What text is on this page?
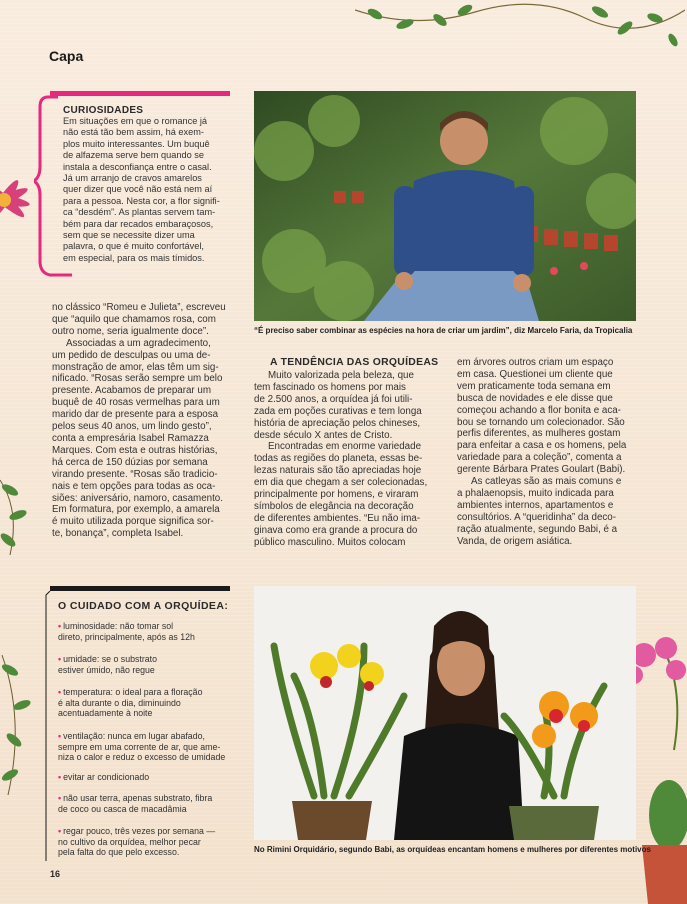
Capa
CURIOSIDADES
Em situações em que o romance já
não está tão bem assim, há exem-
plos muito interessantes. Um buquê
de alfazema serve bem quando se
instala a desconfiança entre o casal.
Já um arranjo de cravos amarelos
quer dizer que você não está nem aí
para a pessoa. Nesta cor, a flor signifi-
ca “desdém”. As plantas servem tam-
bém para dar recados embaraçosos,
sem que se necessite dizer uma
palavra, o que é muito confortável,
em especial, para os mais tímidos.
“É preciso saber combinar as espécies na hora de criar um jardim”, diz Marcelo Faria, da Tropicalia

no clássico “Romeu e Julieta”, escreveu
que “aquilo que chamamos rosa, com
outro nome, seria igualmente doce”.

Associadas a um agradecimento,
um pedido de desculpas ou uma de-
monstração de amor, elas têm um sig-
nificado. “Rosas serão sempre um belo
presente. Acabamos de preparar um
buquê de 40 rosas vermelhas para um
marido dar de presente para a esposa
pelos seus 40 anos, um lindo gesto”,
conta a empresária Isabel Ramazza
Marques. Com esta e outras histórias,
há cerca de 150 dúzias por semana
virando presente. “Rosas são tradicio-
nais e tem opções para todas as oca-
siões: aniversário, namoro, casamento.
Em formatura, por exemplo, a amarela
é muito utilizada porque significa sor-
te, bonança”, completa Isabel.

A TENDÊNCIA DAS ORQUÍDEAS

Muito valorizada pela beleza, que
tem fascinado os homens por mais
de 2.500 anos, a orquídea já foi utili-
zada em poções curativas e tem longa
história de apreciação pelos chineses,
desde século X antes de Cristo.

Encontradas em enorme variedade
todas as regiões do planeta, essas be-
lezas naturais são tão apreciadas hoje
em dia que chegam a ser colecionadas,
principalmente por homens, e viraram
símbolos de elegância na decoração
de diferentes ambientes. “Eu não ima-
ginava como era grande a procura do
público masculino. Muitos colocam

em árvores outros criam um espaço
em casa. Questionei um cliente que
vem praticamente toda semana em
busca de novidades e ele disse que
começou achando a flor bonita e aca-
bou se tornando um colecionador. São
perfis diferentes, as mulheres gostam
para enfeitar a casa e os homens, pela
variedade para a coleção”, comenta a
gerente Bárbara Prates Goulart (Babi).

As catleyas são as mais comuns e
a phalaenopsis, muito indicada para
ambientes internos, apartamentos e
consultórios. A “queridinha” da deco-
ração atualmente, segundo Babi, é a
Vanda, de origem asiática.

O CUIDADO COM A ORQUÍDEA:
• luminosidade: não tomar sol
direto, principalmente, após as 12h
• umidade: se o substrato
estiver úmido, não regue
• temperatura: o ideal para a floração
é alta durante o dia, diminuindo
acentuadamente à noite
• ventilação: nunca em lugar abafado,
sempre em uma corrente de ar, que ame-
niza o calor e reduz o excesso de umidade
• evitar ar condicionado
• não usar terra, apenas substrato, fibra
de coco ou casca de macadâmia
• regar pouco, três vezes por semana —
no cultivo da orquídea, melhor pecar
pela falta do que pelo excesso.	No Rimini Orquidário, segundo Babi, as orquídeas encantam homens e mulheres por diferentes motivos
16
